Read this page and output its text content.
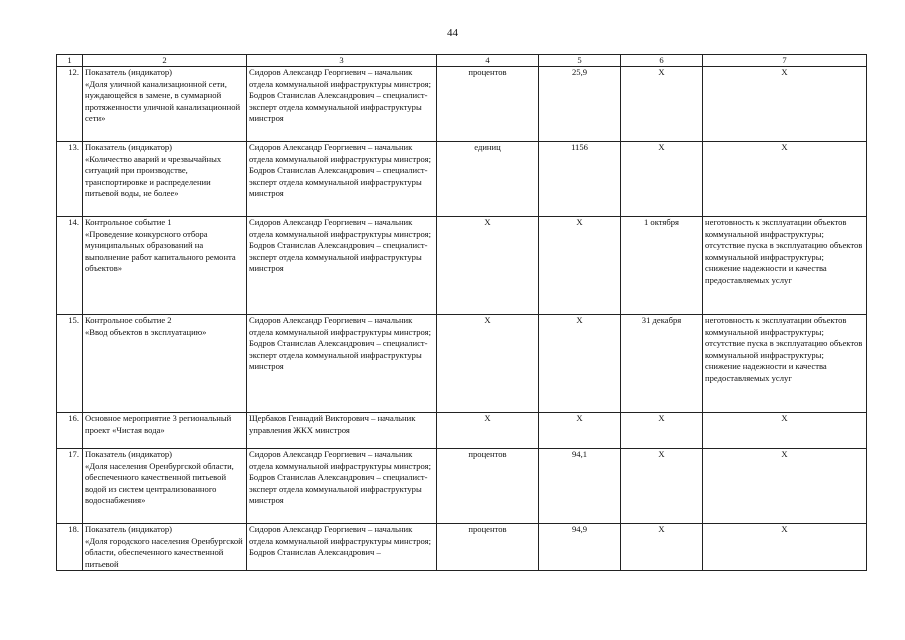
44
1	2	3	4	5	6	7
12.	Показатель (индикатор)
«Доля уличной канализационной сети, нуждающейся в замене, в суммарной протяженности уличной канализационной сети»	Сидоров Александр Георгиевич – начальник отдела коммунальной инфраструктуры минстроя;
Бодров Станислав Александрович – специалист-эксперт отдела коммунальной инфраструктуры минстроя	процентов	25,9	Х	Х
13.	Показатель (индикатор)
«Количество аварий и чрезвычайных ситуаций при производстве, транспортировке и распределении питьевой воды, не более»	Сидоров Александр Георгиевич – начальник отдела коммунальной инфраструктуры минстроя;
Бодров Станислав Александрович – специалист-эксперт отдела коммунальной инфраструктуры минстроя	единиц	1156	Х	Х
14.	Контрольное событие 1
«Проведение конкурсного отбора муниципальных образований на выполнение работ капитального ремонта объектов»	Сидоров Александр Георгиевич – начальник отдела коммунальной инфраструктуры минстроя;
Бодров Станислав Александрович – специалист-эксперт отдела коммунальной инфраструктуры минстроя	Х	Х	1 октября	неготовность к эксплуатации объектов коммунальной инфраструктуры;
отсутствие пуска в эксплуатацию объектов коммунальной инфраструктуры;
снижение надежности и качества предоставляемых услуг
15.	Контрольное событие 2
«Ввод объектов в эксплуатацию»	Сидоров Александр Георгиевич – начальник отдела коммунальной инфраструктуры минстроя;
Бодров Станислав Александрович – специалист-эксперт отдела коммунальной инфраструктуры минстроя	Х	Х	31 декабря	неготовность к эксплуатации объектов коммунальной инфраструктуры;
отсутствие пуска в эксплуатацию объектов коммунальной инфраструктуры;
снижение надежности и качества предоставляемых услуг
16.	Основное мероприятие 3 региональный проект «Чистая вода»	Щербаков Геннадий Викторович – начальник управления ЖКХ минстроя	Х	Х	Х	Х
17.	Показатель (индикатор)
«Доля населения Оренбургской области, обеспеченного качественной питьевой водой из систем централизованного водоснабжения»	Сидоров Александр Георгиевич – начальник отдела коммунальной инфраструктуры минстроя;
Бодров Станислав Александрович – специалист-эксперт отдела коммунальной инфраструктуры минстроя	процентов	94,1	Х	Х
18.	Показатель (индикатор)
«Доля городского населения Оренбургской области, обеспеченного качественной питьевой	Сидоров Александр Георгиевич – начальник отдела коммунальной инфраструктуры минстроя;
Бодров Станислав Александрович –	процентов	94,9	Х	Х
